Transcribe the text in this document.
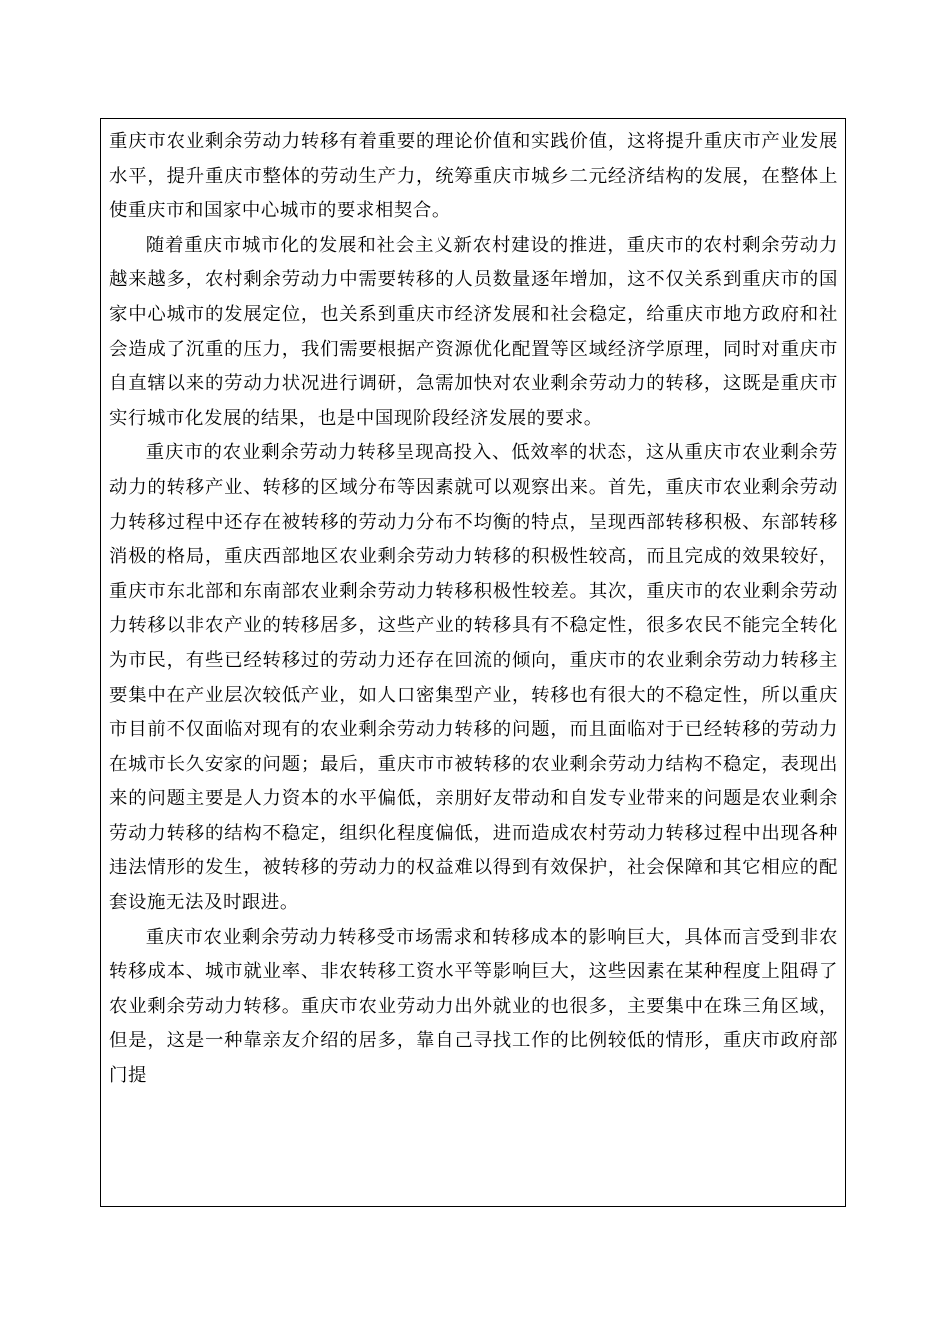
重庆市农业剩余劳动力转移有着重要的理论价值和实践价值，这将提升重庆市产业发展水平，提升重庆市整体的劳动生产力，统筹重庆市城乡二元经济结构的发展，在整体上使重庆市和国家中心城市的要求相契合。

随着重庆市城市化的发展和社会主义新农村建设的推进，重庆市的农村剩余劳动力越来越多，农村剩余劳动力中需要转移的人员数量逐年增加，这不仅关系到重庆市的国家中心城市的发展定位，也关系到重庆市经济发展和社会稳定，给重庆市地方政府和社会造成了沉重的压力，我们需要根据产资源优化配置等区域经济学原理，同时对重庆市自直辖以来的劳动力状况进行调研，急需加快对农业剩余劳动力的转移，这既是重庆市实行城市化发展的结果，也是中国现阶段经济发展的要求。

重庆市的农业剩余劳动力转移呈现高投入、低效率的状态，这从重庆市农业剩余劳动力的转移产业、转移的区域分布等因素就可以观察出来。首先，重庆市农业剩余劳动力转移过程中还存在被转移的劳动力分布不均衡的特点，呈现西部转移积极、东部转移消极的格局，重庆西部地区农业剩余劳动力转移的积极性较高，而且完成的效果较好，重庆市东北部和东南部农业剩余劳动力转移积极性较差。其次，重庆市的农业剩余劳动力转移以非农产业的转移居多，这些产业的转移具有不稳定性，很多农民不能完全转化为市民，有些已经转移过的劳动力还存在回流的倾向，重庆市的农业剩余劳动力转移主要集中在产业层次较低产业，如人口密集型产业，转移也有很大的不稳定性，所以重庆市目前不仅面临对现有的农业剩余劳动力转移的问题，而且面临对于已经转移的劳动力在城市长久安家的问题；最后，重庆市市被转移的农业剩余劳动力结构不稳定，表现出来的问题主要是人力资本的水平偏低，亲朋好友带动和自发专业带来的问题是农业剩余劳动力转移的结构不稳定，组织化程度偏低，进而造成农村劳动力转移过程中出现各种违法情形的发生，被转移的劳动力的权益难以得到有效保护，社会保障和其它相应的配套设施无法及时跟进。

重庆市农业剩余劳动力转移受市场需求和转移成本的影响巨大，具体而言受到非农转移成本、城市就业率、非农转移工资水平等影响巨大，这些因素在某种程度上阻碍了农业剩余劳动力转移。重庆市农业劳动力出外就业的也很多，主要集中在珠三角区域，但是，这是一种靠亲友介绍的居多，靠自己寻找工作的比例较低的情形，重庆市政府部门提
